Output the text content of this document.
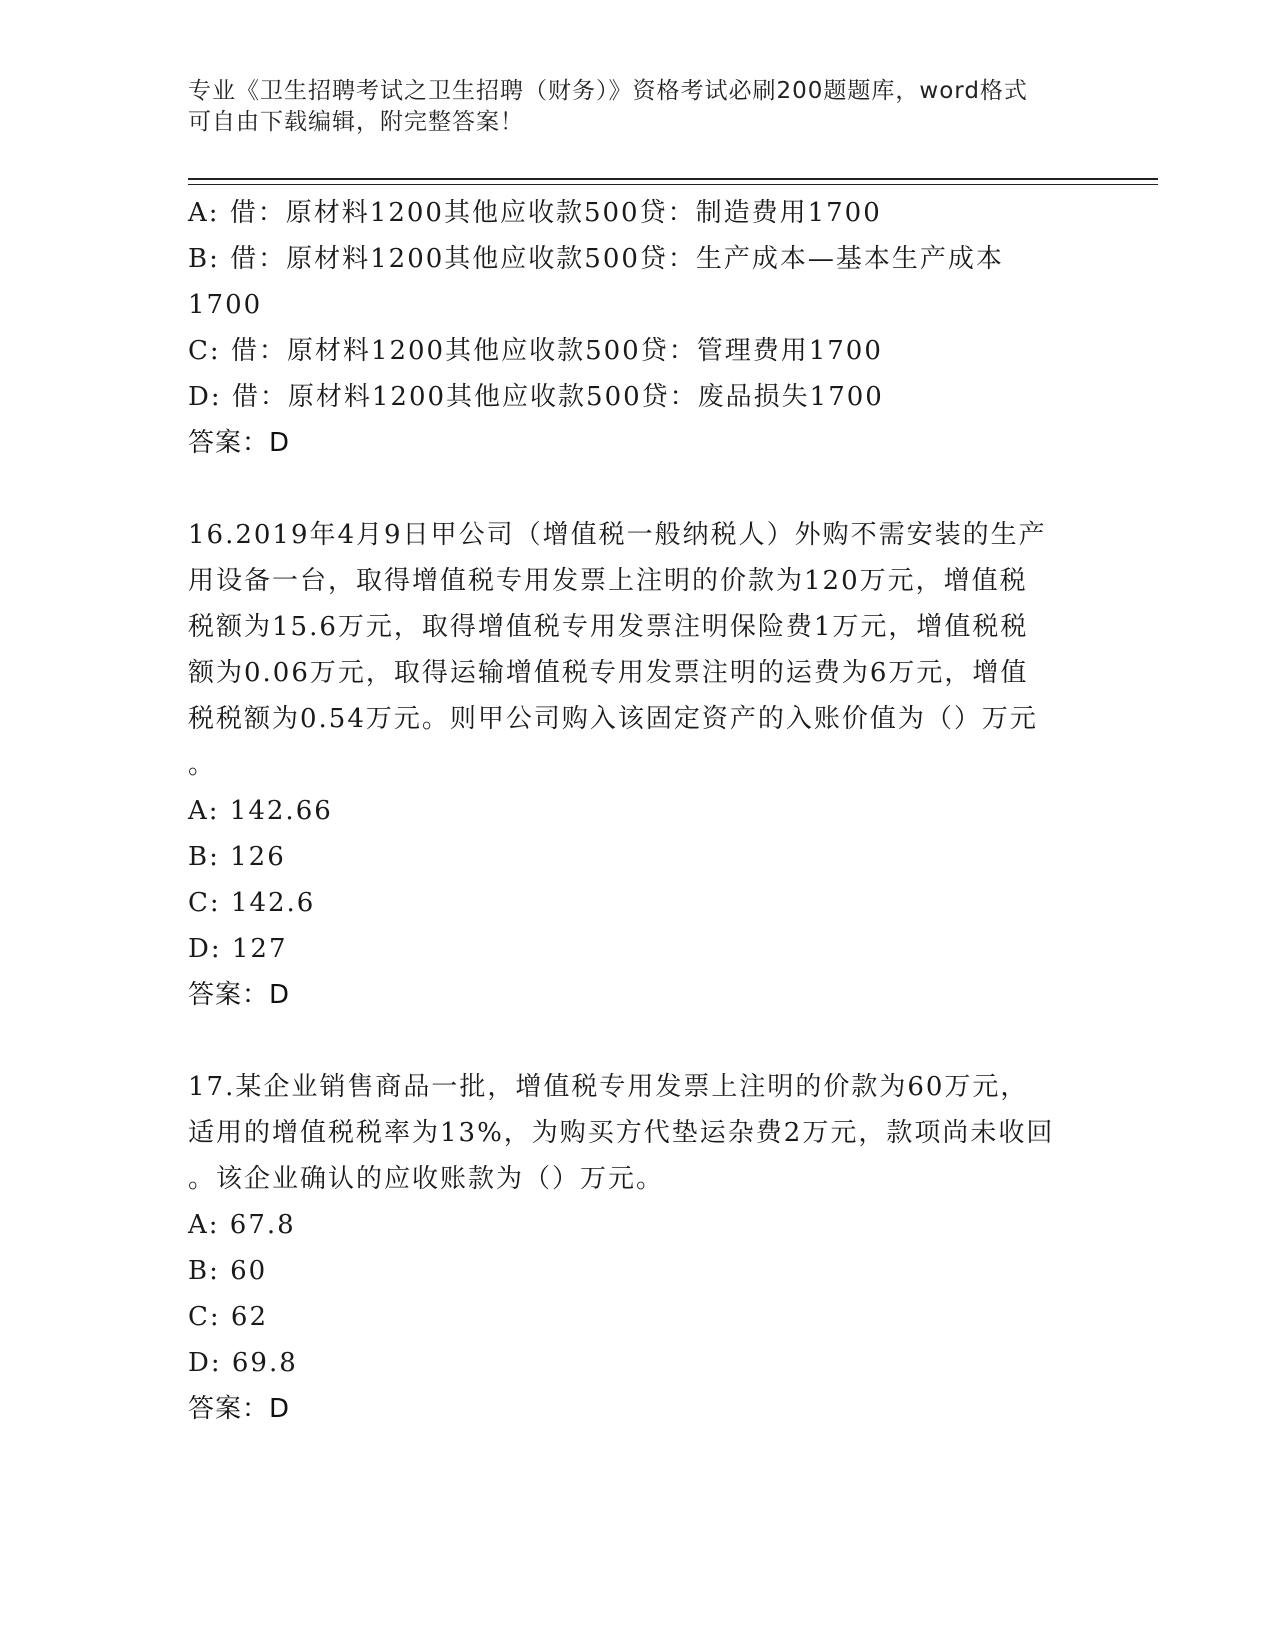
专业《卫生招聘考试之卫生招聘（财务）》资格考试必刷200题题库，word格式
可自由下载编辑，附完整答案！
A: 借：原材料1200其他应收款500贷：制造费用1700
B: 借：原材料1200其他应收款500贷：生产成本—基本生产成本
1700
C: 借：原材料1200其他应收款500贷：管理费用1700
D: 借：原材料1200其他应收款500贷：废品损失1700
答案：D
16.2019年4月9日甲公司（增值税一般纳税人）外购不需安装的生产
用设备一台，取得增值税专用发票上注明的价款为120万元，增值税
税额为15.6万元，取得增值税专用发票注明保险费1万元，增值税税
额为0.06万元，取得运输增值税专用发票注明的运费为6万元，增值
税税额为0.54万元。则甲公司购入该固定资产的入账价值为（）万元
。
A: 142.66
B: 126
C: 142.6
D: 127
答案：D
17.某企业销售商品一批，增值税专用发票上注明的价款为60万元，
适用的增值税税率为13%，为购买方代垫运杂费2万元，款项尚未收回
。该企业确认的应收账款为（）万元。
A: 67.8
B: 60
C: 62
D: 69.8
答案：D
